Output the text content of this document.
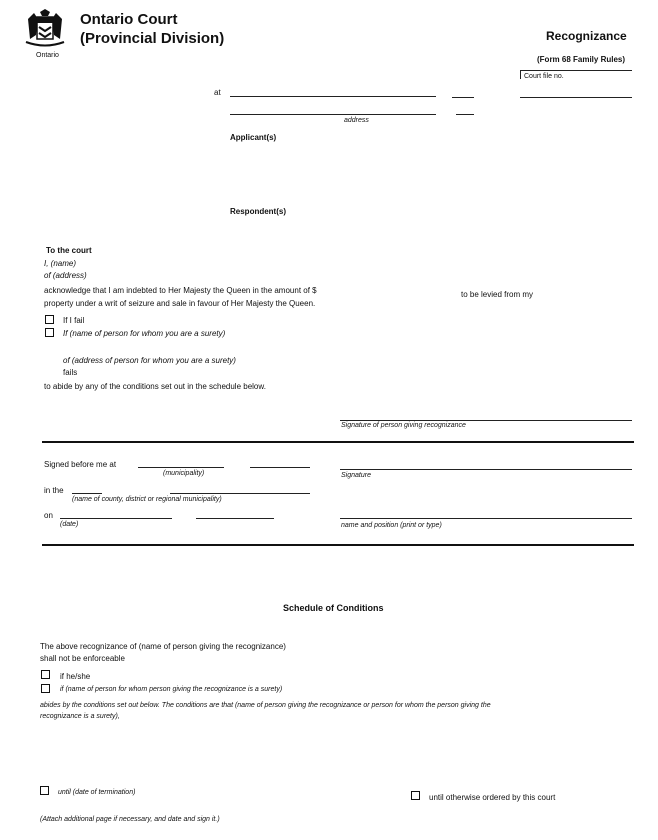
Ontario
Ontario Court
(Provincial Division)	Recognizance
(Form 68 Family Rules)
Court file no.
at
address
Applicant(s)
Respondent(s)
To the court
I, (name)
of (address)
acknowledge that I am indebted to Her Majesty the Queen in the amount of $	to be levied from my
property under a writ of seizure and sale in favour of Her Majesty the Queen.
If I fail
If (name of person for whom you are a surety)
of (address of person for whom you are a surety)
fails
to abide by any of the conditions set out in the schedule below.
Signature of person giving recognizance
Signed before me at
(municipality)	Signature
in the
(name of county, district or regional municipality)
on
(date)	name and position (print or type)
Schedule of Conditions
The above recognizance of (name of person giving the recognizance)
shall not be enforceable
if he/she
if (name of person for whom person giving the recognizance is a surety)
abides by the conditions set out below. The conditions are that (name of person giving the recognizance or person for whom the person giving the
recognizance is a surety),
until (date of termination)
until otherwise ordered by this court
(Attach additional page if necessary, and date and sign it.)
